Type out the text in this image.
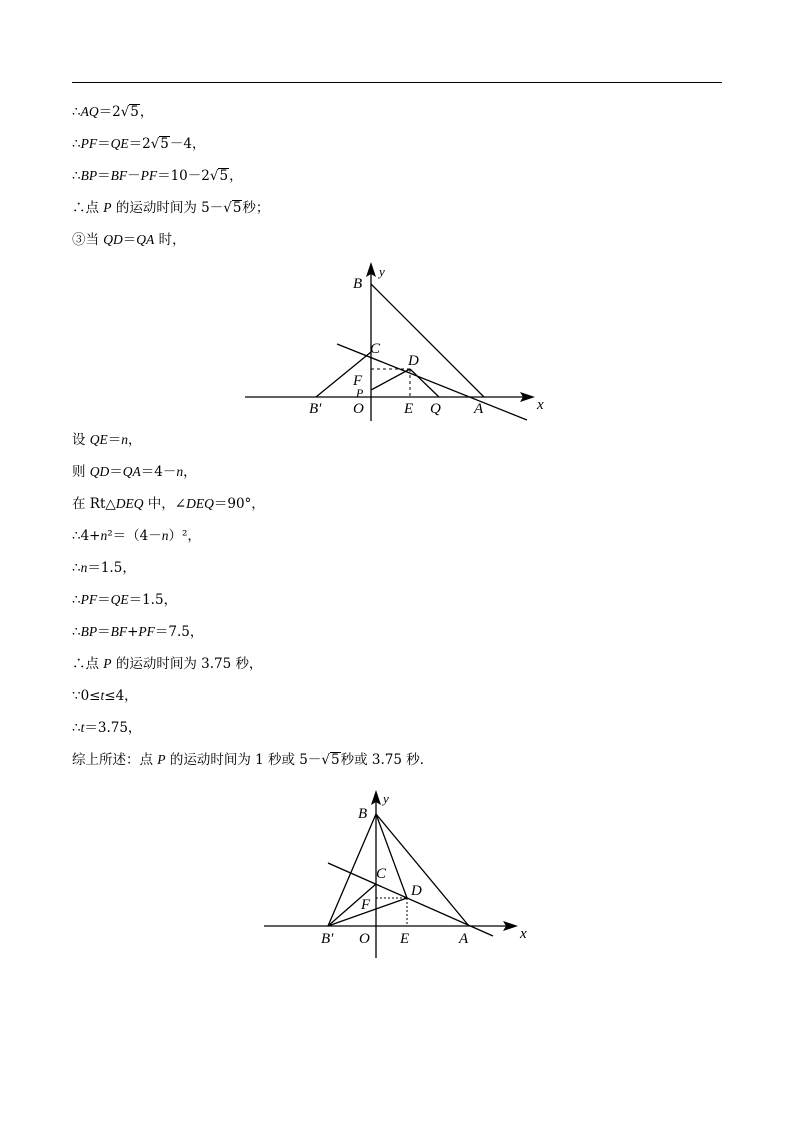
∴AQ＝2√5，
∴PF＝QE＝2√5－4，
∴BP＝BF－PF＝10－2√5，
∴点 P 的运动时间为 5－√5秒；
③当 QD＝QA 时，
B
y
C
D
F
P
B′ O	E Q A	x
设 QE＝n，
则 QD＝QA＝4－n，
在 Rt△DEQ 中，∠DEQ＝90°，
∴4+n²＝（4－n）²，
∴n＝1.5，
∴PF＝QE＝1.5，
∴BP＝BF+PF＝7.5，
∴点 P 的运动时间为 3.75 秒，
∵0≤t≤4，
∴t＝3.75，
综上所述：点 P 的运动时间为 1 秒或 5－√5秒或 3.75 秒．
B
y
C
D
F
B′ O E	A	x
